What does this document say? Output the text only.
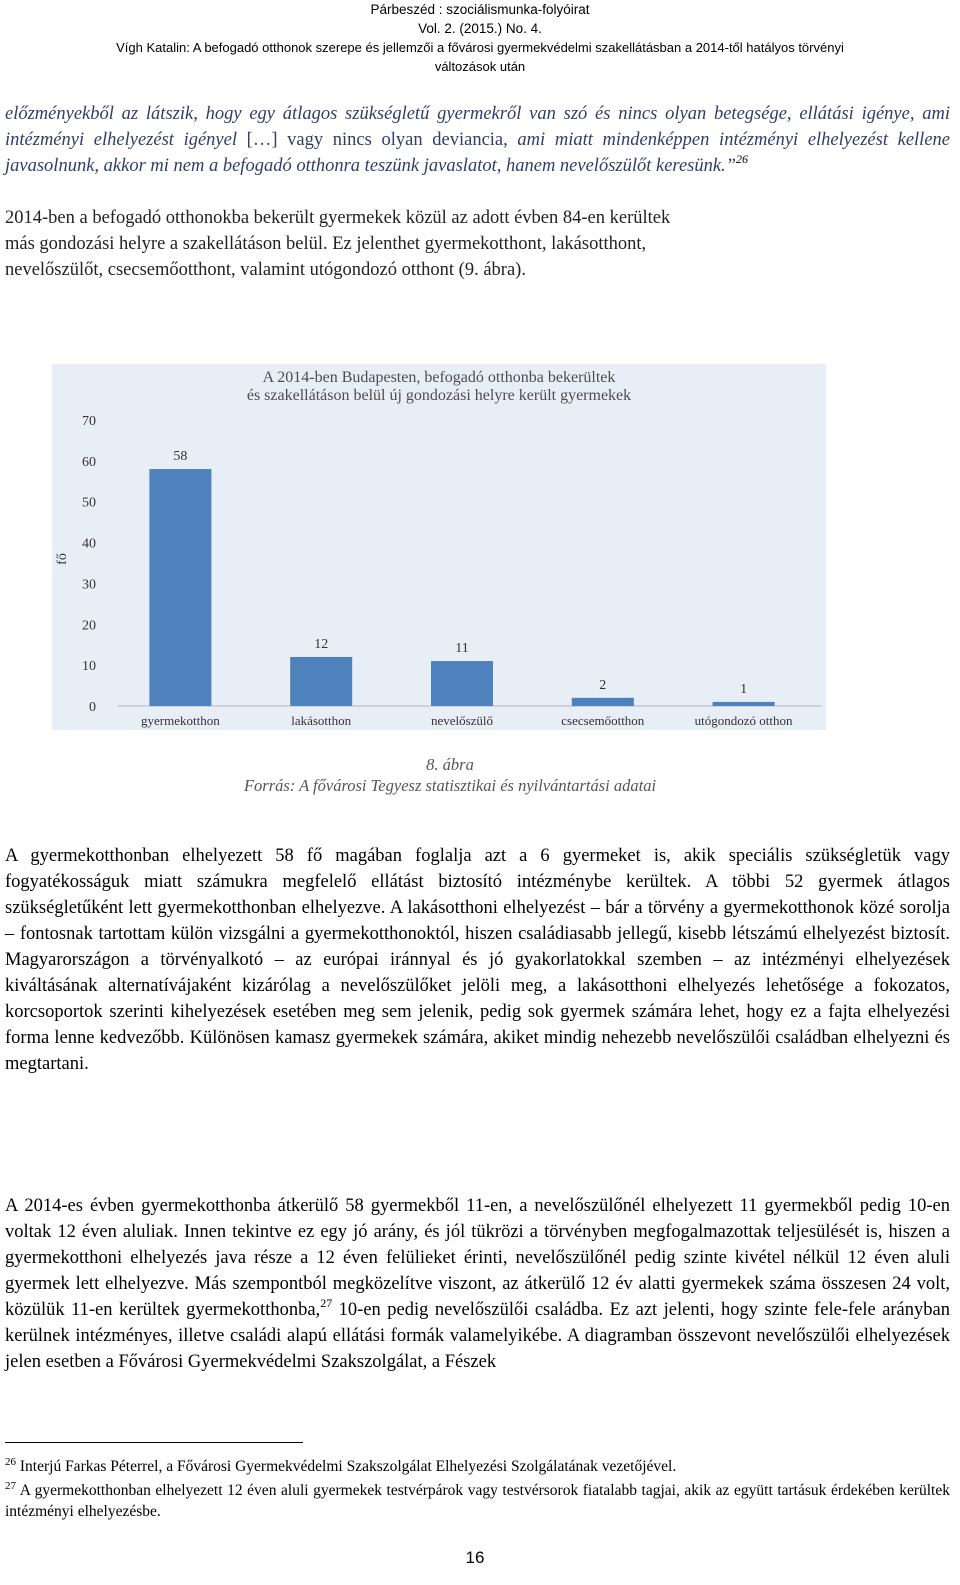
Párbeszéd : szociálismunka-folyóirat
Vol. 2. (2015.) No. 4.
Vígh Katalin: A befogadó otthonok szerepe és jellemzői a fővárosi gyermekvédelmi szakellátásban a 2014-től hatályos törvényi
változások után
előzményekből az látszik, hogy egy átlagos szükségletű gyermekről van szó és nincs olyan betegsége, ellátási igénye, ami intézményi elhelyezést igényel […] vagy nincs olyan deviancia, ami miatt mindenképpen intézményi elhelyezést kellene javasolnunk, akkor mi nem a befogadó otthonra teszünk javaslatot, hanem nevelőszülőt keresünk.”$^{26}$
2014-ben a befogadó otthonokba bekerült gyermekek közül az adott évben 84-en kerültek
más gondozási helyre a szakellátáson belül. Ez jelenthet gyermekotthont, lakásotthont,
nevelőszülőt, csecsemőotthont, valamint utógondozó otthont (9. ábra).
A 2014-ben Budapesten, befogadó otthonba bekerültek
és szakellátáson belül új gondozási helyre került gyermekek
fő
0
10
20
30
40
50
60
70
58
gyermekotthon
12
lakásotthon
11
nevelőszülő
2
csecsemőotthon
1
utógondozó otthon
8. ábra
Forrás: A fővárosi Tegyesz statisztikai és nyilvántartási adatai
A gyermekotthonban elhelyezett 58 fő magában foglalja azt a 6 gyermeket is, akik speciális szükségletük vagy fogyatékosságuk miatt számukra megfelelő ellátást biztosító intézménybe kerültek. A többi 52 gyermek átlagos szükségletűként lett gyermekotthonban elhelyezve. A lakásotthoni elhelyezést – bár a törvény a gyermekotthonok közé sorolja – fontosnak tartottam külön vizsgálni a gyermekotthonoktól, hiszen családiasabb jellegű, kisebb létszámú elhelyezést biztosít. Magyarországon a törvényalkotó – az európai iránnyal és jó gyakorlatokkal szemben – az intézményi elhelyezések kiváltásának alternatívájaként kizárólag a nevelőszülőket jelöli meg, a lakásotthoni elhelyezés lehetősége a fokozatos, korcsoportok szerinti kihelyezések esetében meg sem jelenik, pedig sok gyermek számára lehet, hogy ez a fajta elhelyezési forma lenne kedvezőbb. Különösen kamasz gyermekek számára, akiket mindig nehezebb nevelőszülői családban elhelyezni és megtartani.
A 2014-es évben gyermekotthonba átkerülő 58 gyermekből 11-en, a nevelőszülőnél elhelyezett 11 gyermekből pedig 10-en voltak 12 éven aluliak. Innen tekintve ez egy jó arány, és jól tükrözi a törvényben megfogalmazottak teljesülését is, hiszen a gyermekotthoni elhelyezés java része a 12 éven felülieket érinti, nevelőszülőnél pedig szinte kivétel nélkül 12 éven aluli gyermek lett elhelyezve. Más szempontból megközelítve viszont, az átkerülő 12 év alatti gyermekek száma összesen 24 volt, közülük 11-en kerültek gyermekotthonba,$^{27}$ 10-en pedig nevelőszülői családba. Ez azt jelenti, hogy szinte fele-fele arányban kerülnek intézményes, illetve családi alapú ellátási formák valamelyikébe. A diagramban összevont nevelőszülői elhelyezések jelen esetben a Fővárosi Gyermekvédelmi Szakszolgálat, a Fészek
$^{26}$ Interjú Farkas Péterrel, a Fővárosi Gyermekvédelmi Szakszolgálat Elhelyezési Szolgálatának vezetőjével.
$^{27}$ A gyermekotthonban elhelyezett 12 éven aluli gyermekek testvérpárok vagy testvérsorok fiatalabb tagjai, akik az együtt tartásuk érdekében kerültek intézményi elhelyezésbe.
16
